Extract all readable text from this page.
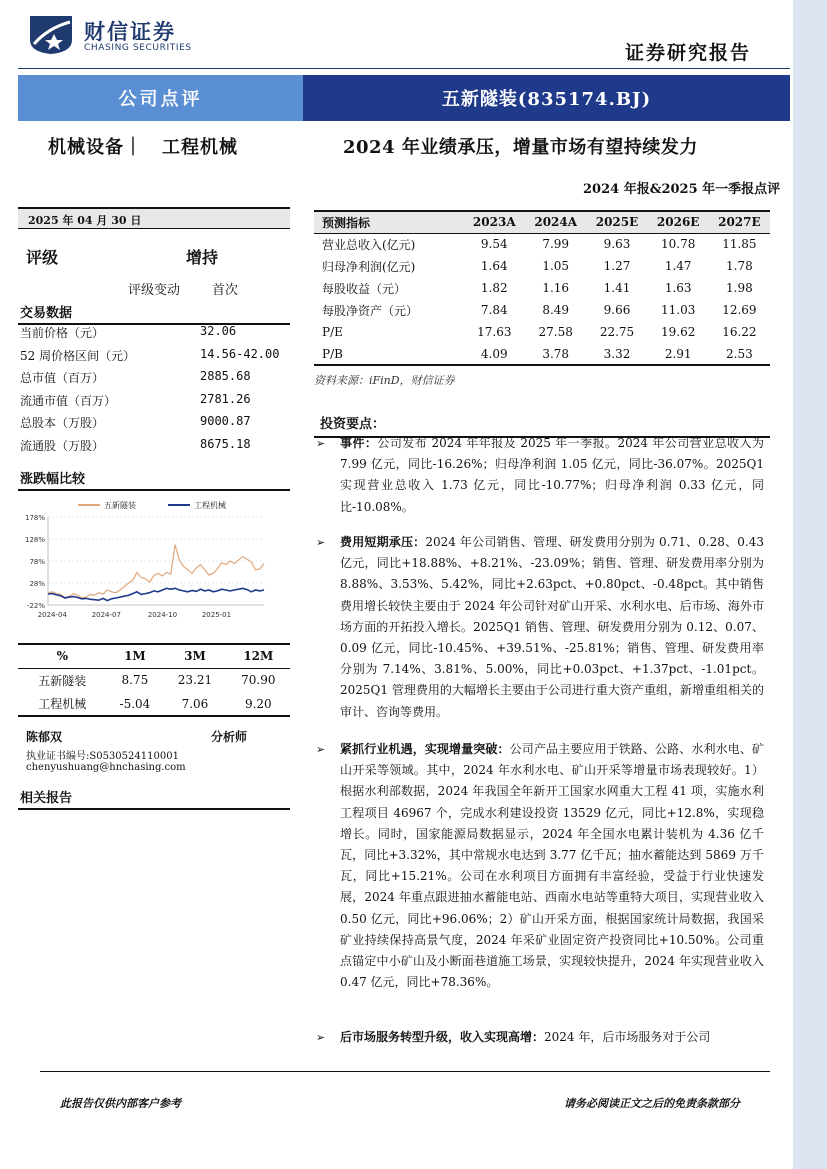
财信证券
CHASING SECURITIES	证券研究报告
公司点评	五新隧装(835174.BJ)
机械设备｜　工程机械	2024 年业绩承压，增量市场有望持续发力
2024 年报&2025 年一季报点评
2025 年 04 月 30 日
评级	增持
评级变动 首次
交易数据
当前价格（元）	32.06
52 周价格区间（元）	14.56-42.00
总市值（百万）	2885.68
流通市值（百万）	2781.26
总股本（万股）	9000.87
流通股（万股）	8675.18
涨跌幅比较
178%
128%
78%
28%
-22%
2024-04	2024-07	2024-10	2025-01
五新隧装	工程机械
%	1M	3M	12M
五新隧装	8.75	23.21	70.90
工程机械	-5.04	7.06	9.20
陈郁双	分析师
执业证书编号:S0530524110001
chenyushuang@hnchasing.com
相关报告
预测指标	2023A	2024A	2025E	2026E	2027E
营业总收入(亿元)	9.54	7.99	9.63	10.78	11.85
归母净利润(亿元)	1.64	1.05	1.27	1.47	1.78
每股收益（元）	1.82	1.16	1.41	1.63	1.98
每股净资产（元）	7.84	8.49	9.66	11.03	12.69
P/E	17.63	27.58	22.75	19.62	16.22
P/B	4.09	3.78	3.32	2.91	2.53
资料来源：iFinD，财信证券
投资要点：
➢ 事件：公司发布 2024 年年报及 2025 年一季报。2024 年公司营业总收入为 7.99 亿元，同比-16.26%；归母净利润 1.05 亿元，同比-36.07%。2025Q1 实现营业总收入 1.73 亿元，同比-10.77%；归母净利润 0.33 亿元，同比-10.08%。
➢ 费用短期承压：2024 年公司销售、管理、研发费用分别为 0.71、0.28、0.43 亿元，同比+18.88%、+8.21%、-23.09%；销售、管理、研发费用率分别为 8.88%、3.53%、5.42%，同比+2.63pct、+0.80pct、-0.48pct。其中销售费用增长较快主要由于 2024 年公司针对矿山开采、水利水电、后市场、海外市场方面的开拓投入增长。2025Q1 销售、管理、研发费用分别为 0.12、0.07、0.09 亿元，同比-10.45%、+39.51%、-25.81%；销售、管理、研发费用率分别为 7.14%、3.81%、5.00%，同比+0.03pct、+1.37pct、-1.01pct。2025Q1 管理费用的大幅增长主要由于公司进行重大资产重组，新增重组相关的审计、咨询等费用。
➢ 紧抓行业机遇，实现增量突破：公司产品主要应用于铁路、公路、水利水电、矿山开采等领域。其中，2024 年水利水电、矿山开采等增量市场表现较好。1）根据水利部数据，2024 年我国全年新开工国家水网重大工程 41 项，实施水利工程项目 46967 个，完成水利建设投资 13529 亿元，同比+12.8%，实现稳增长。同时，国家能源局数据显示，2024 年全国水电累计装机为 4.36 亿千瓦，同比+3.32%，其中常规水电达到 3.77 亿千瓦；抽水蓄能达到 5869 万千瓦，同比+15.21%。公司在水利项目方面拥有丰富经验，受益于行业快速发展，2024 年重点跟进抽水蓄能电站、西南水电站等重特大项目，实现营业收入 0.50 亿元，同比+96.06%；2）矿山开采方面，根据国家统计局数据，我国采矿业持续保持高景气度，2024 年采矿业固定资产投资同比+10.50%。公司重点锚定中小矿山及小断面巷道施工场景，实现较快提升，2024 年实现营业收入 0.47 亿元，同比+78.36%。
➢ 后市场服务转型升级，收入实现高增：2024 年，后市场服务对于公司
此报告仅供内部客户参考	请务必阅读正文之后的免责条款部分
